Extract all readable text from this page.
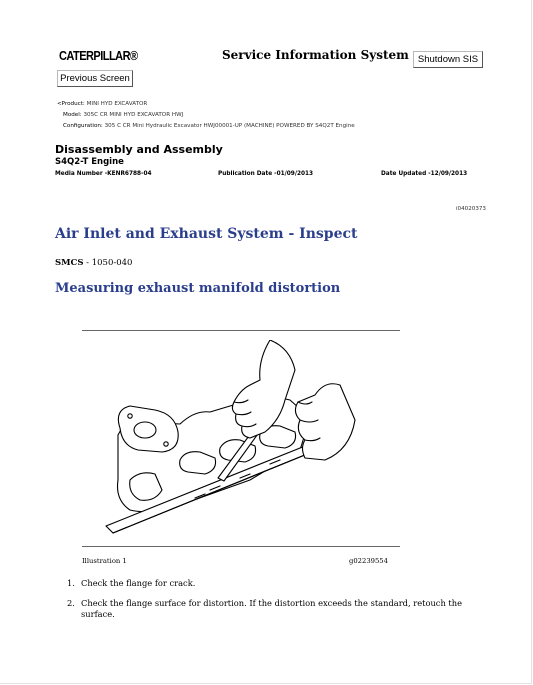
CATERPILLAR®	Service Information System Shutdown SIS
Previous Screen
<Product: MINI HYD EXCAVATOR
Model: 305C CR MINI HYD EXCAVATOR HWJ
Configuration: 305 C CR Mini Hydraulic Excavator HWJ00001-UP (MACHINE) POWERED BY S4Q2T Engine
Disassembly and Assembly
S4Q2-T Engine
Media Number -KENR6788-04	Publication Date -01/09/2013	Date Updated -12/09/2013
i04020373
Air Inlet and Exhaust System - Inspect
SMCS - 1050-040
Measuring exhaust manifold distortion
Illustration 1	g02239554
1. Check the flange for crack.
2. Check the flange surface for distortion. If the distortion exceeds the standard, retouch the surface.
